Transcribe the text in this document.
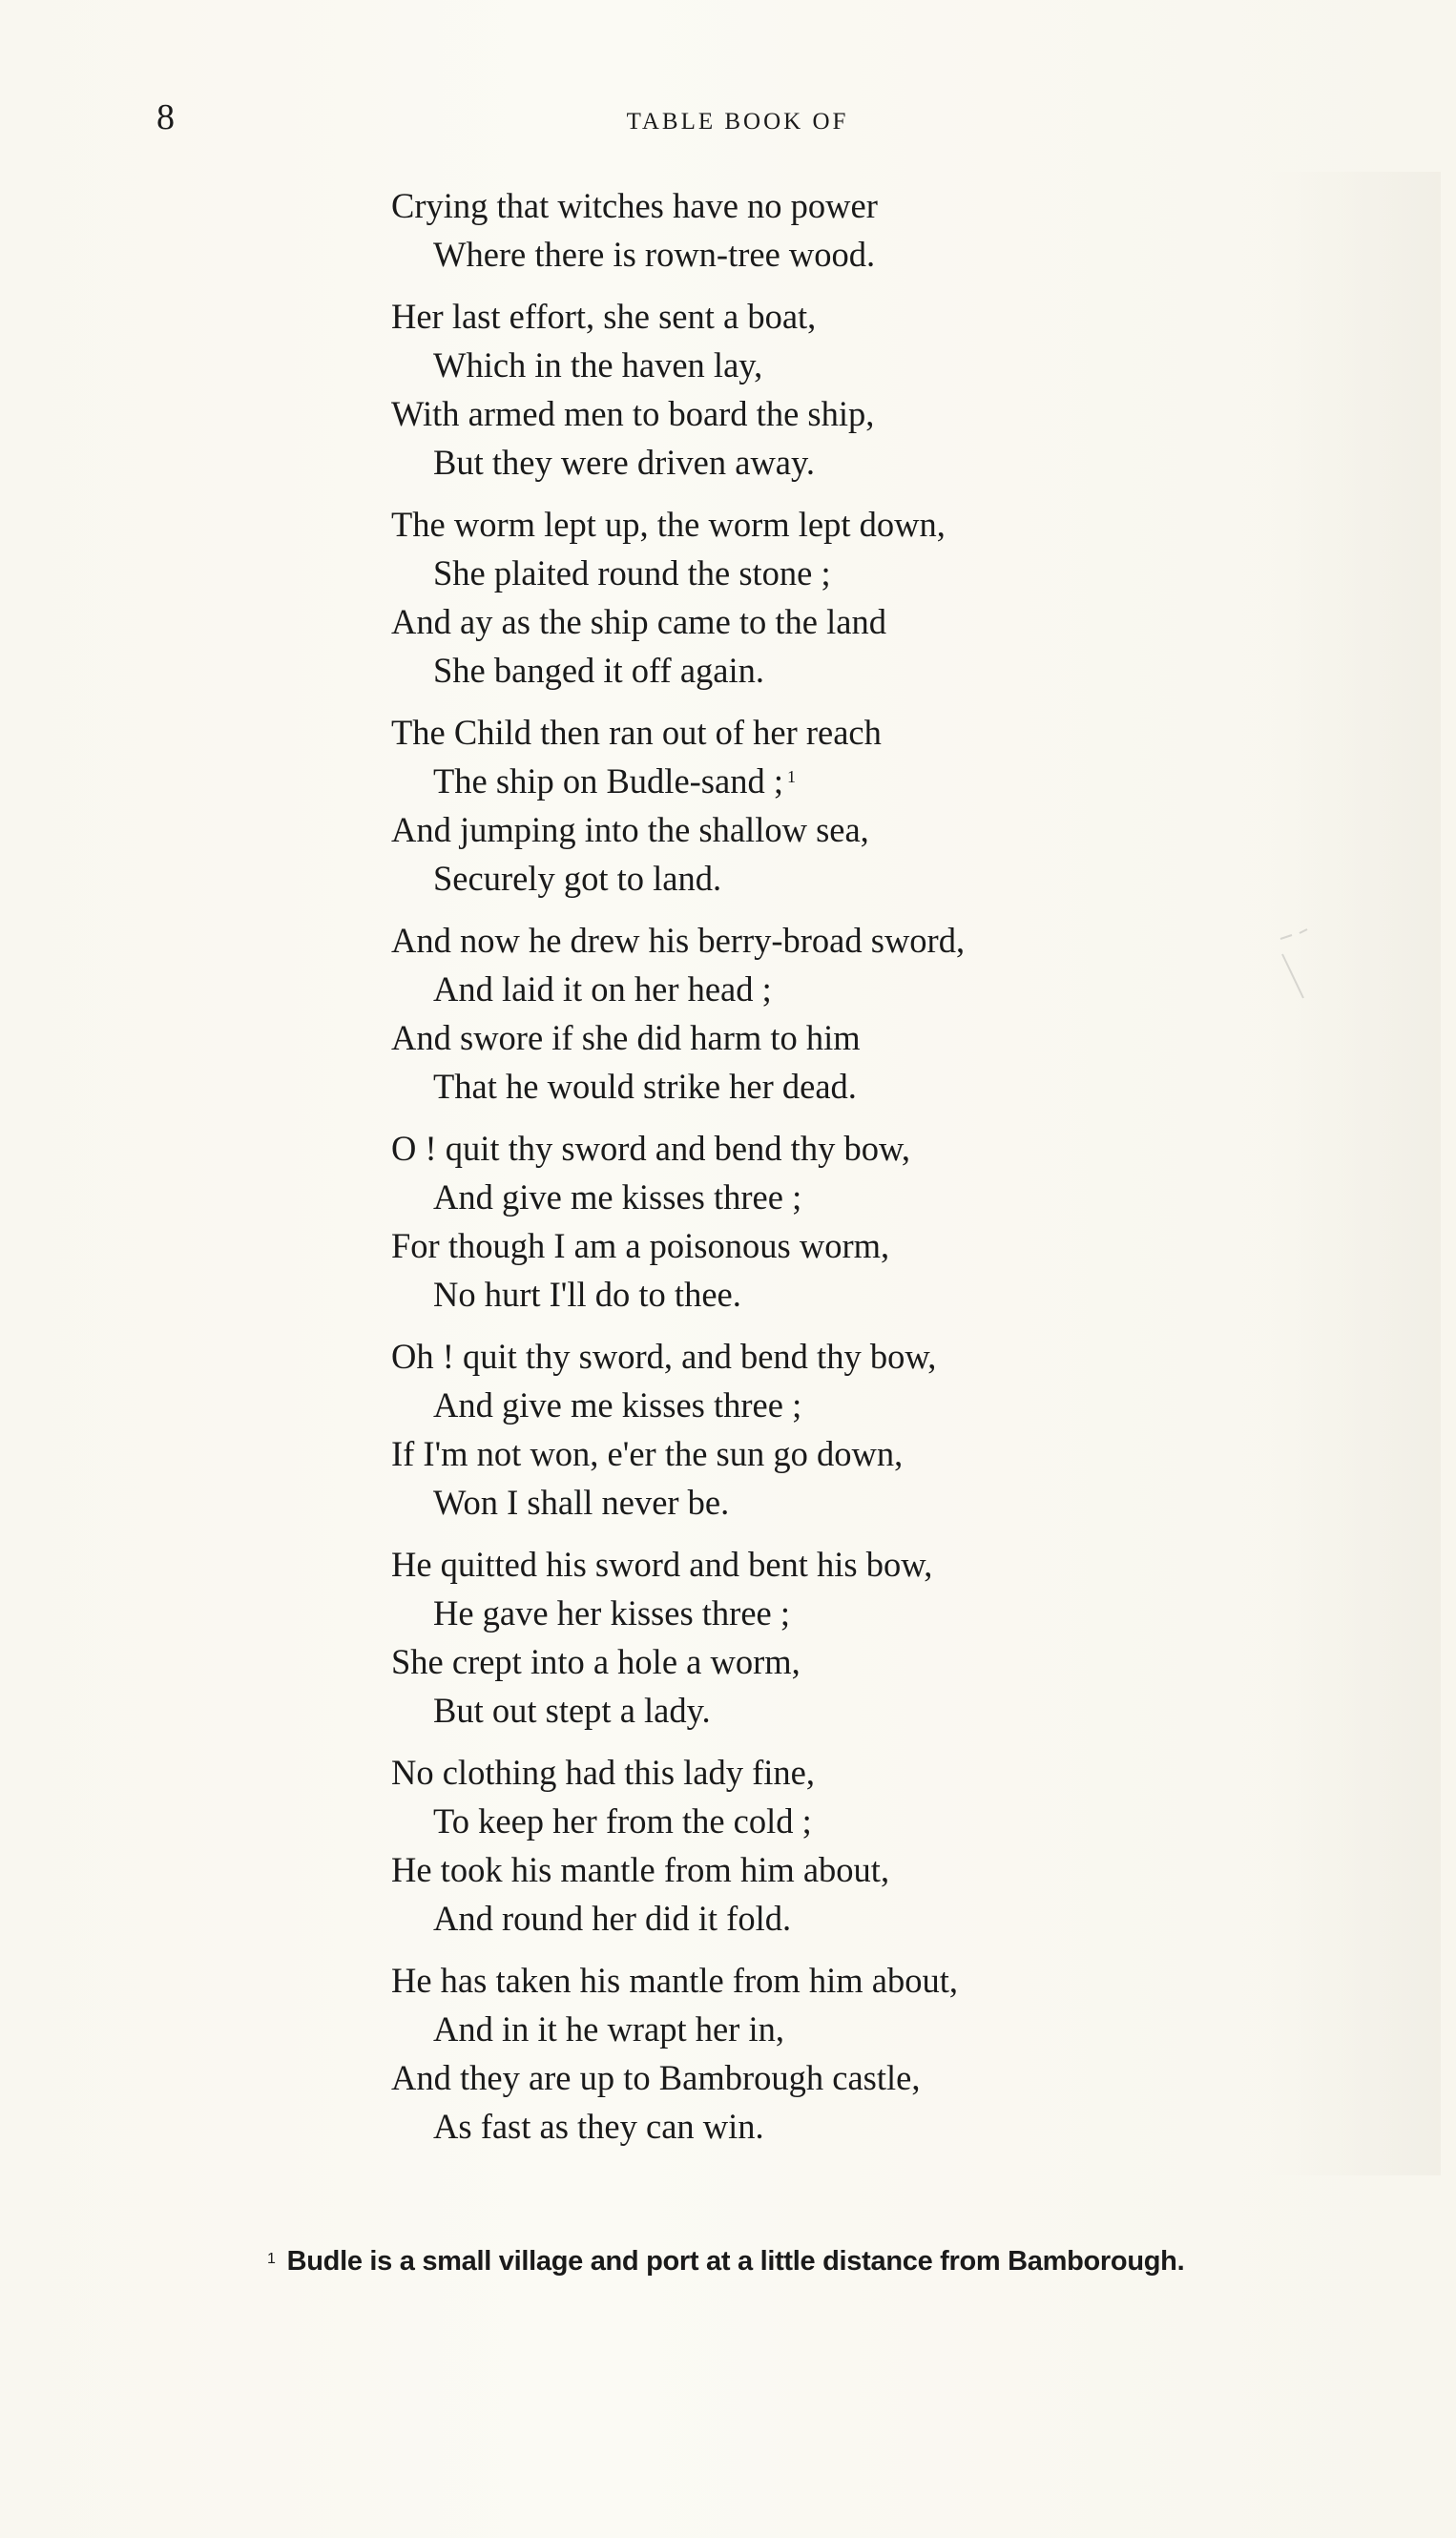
8	TABLE BOOK OF
Crying that witches have no power
Where there is rown-tree wood.
Her last effort, she sent a boat,
Which in the haven lay,
With armed men to board the ship,
But they were driven away.
The worm lept up, the worm lept down,
She plaited round the stone ;
And ay as the ship came to the land
She banged it off again.
The Child then ran out of her reach
The ship on Budle-sand ; $^1$
And jumping into the shallow sea,
Securely got to land.
And now he drew his berry-broad sword,
And laid it on her head ;
And swore if she did harm to him
That he would strike her dead.
O ! quit thy sword and bend thy bow,
And give me kisses three ;
For though I am a poisonous worm,
No hurt I'll do to thee.
Oh ! quit thy sword, and bend thy bow,
And give me kisses three ;
If I'm not won, e'er the sun go down,
Won I shall never be.
He quitted his sword and bent his bow,
He gave her kisses three ;
She crept into a hole a worm,
But out stept a lady.
No clothing had this lady fine,
To keep her from the cold ;
He took his mantle from him about,
And round her did it fold.
He has taken his mantle from him about,
And in it he wrapt her in,
And they are up to Bambrough castle,
As fast as they can win.
$^1$ Budle is a small village and port at a little distance from Bamborough.
